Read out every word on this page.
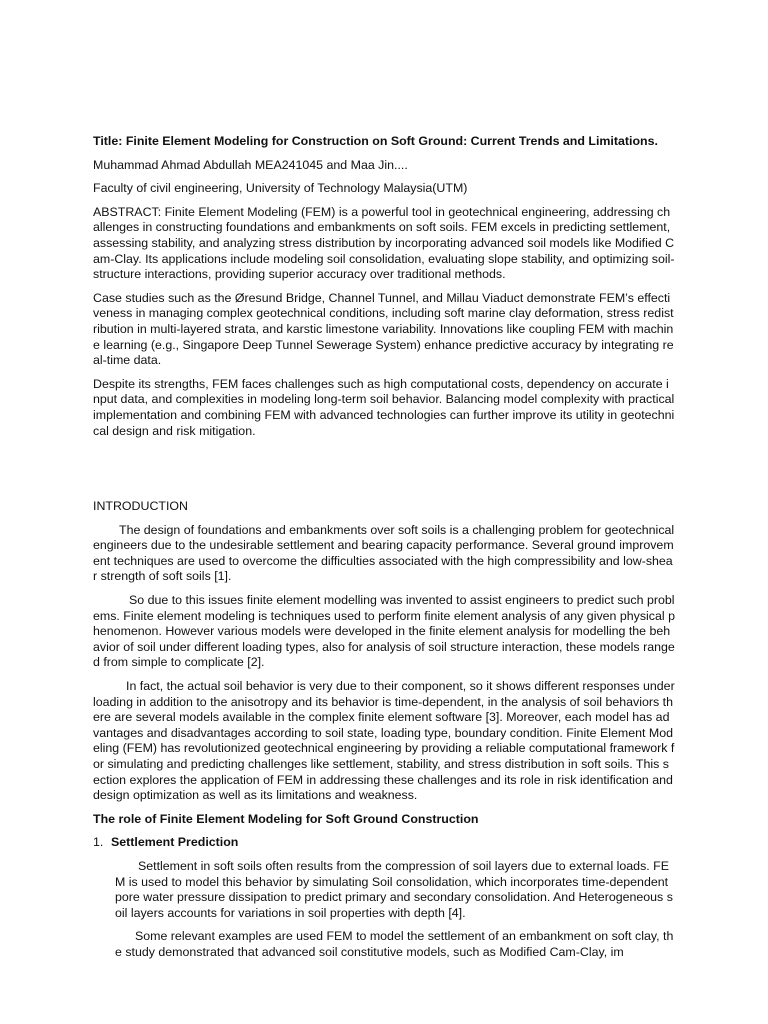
Title: Finite Element Modeling for Construction on Soft Ground: Current Trends and Limitations.

Muhammad Ahmad Abdullah MEA241045 and Maa Jin....

Faculty of civil engineering, University of Technology Malaysia(UTM)

ABSTRACT: Finite Element Modeling (FEM) is a powerful tool in geotechnical engineering, addressing challenges in constructing foundations and embankments on soft soils. FEM excels in predicting settlement, assessing stability, and analyzing stress distribution by incorporating advanced soil models like Modified Cam-Clay. Its applications include modeling soil consolidation, evaluating slope stability, and optimizing soil-structure interactions, providing superior accuracy over traditional methods.

Case studies such as the Øresund Bridge, Channel Tunnel, and Millau Viaduct demonstrate FEM’s effectiveness in managing complex geotechnical conditions, including soft marine clay deformation, stress redistribution in multi-layered strata, and karstic limestone variability. Innovations like coupling FEM with machine learning (e.g., Singapore Deep Tunnel Sewerage System) enhance predictive accuracy by integrating real-time data.

Despite its strengths, FEM faces challenges such as high computational costs, dependency on accurate input data, and complexities in modeling long-term soil behavior. Balancing model complexity with practical implementation and combining FEM with advanced technologies can further improve its utility in geotechnical design and risk mitigation.

INTRODUCTION

The design of foundations and embankments over soft soils is a challenging problem for geotechnical engineers due to the undesirable settlement and bearing capacity performance. Several ground improvement techniques are used to overcome the difficulties associated with the high compressibility and low-shear strength of soft soils [1].

So due to this issues finite element modelling was invented to assist engineers to predict such problems. Finite element modeling is techniques used to perform finite element analysis of any given physical phenomenon. However various models were developed in the finite element analysis for modelling the behavior of soil under different loading types, also for analysis of soil structure interaction, these models ranged from simple to complicate [2].

In fact, the actual soil behavior is very due to their component, so it shows different responses under loading in addition to the anisotropy and its behavior is time-dependent, in the analysis of soil behaviors there are several models available in the complex finite element software [3]. Moreover, each model has advantages and disadvantages according to soil state, loading type, boundary condition. Finite Element Modeling (FEM) has revolutionized geotechnical engineering by providing a reliable computational framework for simulating and predicting challenges like settlement, stability, and stress distribution in soft soils. This section explores the application of FEM in addressing these challenges and its role in risk identification and design optimization as well as its limitations and weakness.

The role of Finite Element Modeling for Soft Ground Construction

1. Settlement Prediction

Settlement in soft soils often results from the compression of soil layers due to external loads. FEM is used to model this behavior by simulating Soil consolidation, which incorporates time-dependent pore water pressure dissipation to predict primary and secondary consolidation. And Heterogeneous soil layers accounts for variations in soil properties with depth [4].

Some relevant examples are used FEM to model the settlement of an embankment on soft clay, the study demonstrated that advanced soil constitutive models, such as Modified Cam-Clay, im
